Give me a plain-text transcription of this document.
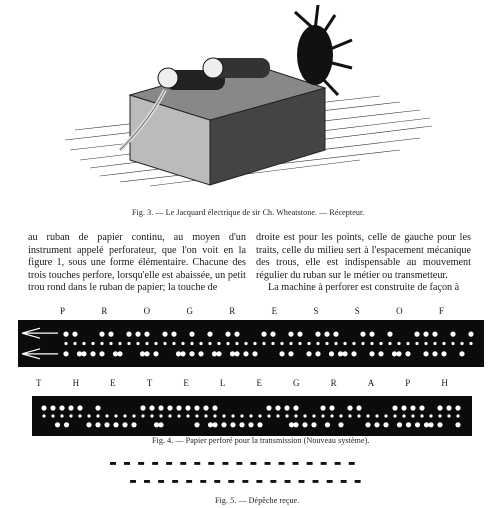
Fig. 3. — Le Jacquard électrique de sir Ch. Wheatstone. — Récepteur.

au ruban de papier continu, au moyen d'un instrument appelé perforateur, que l'on voit en la figure 1, sous une forme élémentaire. Chacune des trois touches perfore, lorsqu'elle est abaissée, un petit trou rond dans le ruban de papier; la touche de

droite est pour les points, celle de gauche pour les traits, celle du milieu sert à l'espacement mécanique des trous, elle est indispensable au mouvement régulier du ruban sur le métier ou transmetteur.

La machine à perforer est construite de façon à

P	R	O	G	R	E	S	S	O	F
T	H	E	T	E	L	E	G	R	A	P	H
Fig. 4. — Papier perforé pour la transmission (Nouveau système).
▬ ▬ ▬ ▬ ▬ ▬ ▬ ▬ ▬ ▬ ▬ ▬ ▬ ▬ ▬ ▬ ▬ ▬
▬ ▬ ▬ ▬ ▬ ▬ ▬ ▬ ▬ ▬ ▬ ▬ ▬ ▬ ▬ ▬ ▬
Fig. 5. — Dépêche reçue.
